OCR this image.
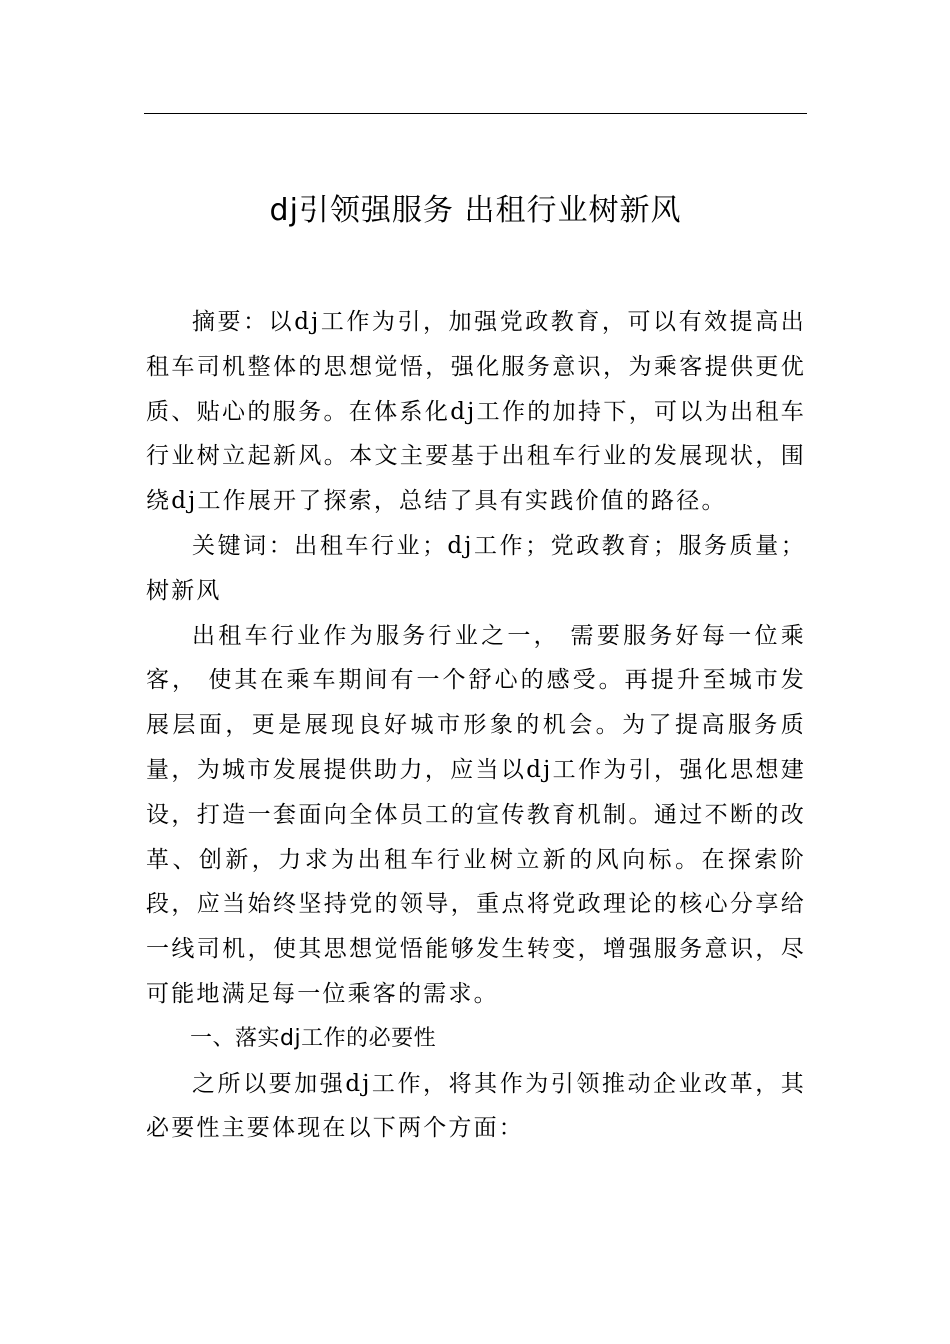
dj引领强服务 出租行业树新风

摘要：以dj工作为引，加强党政教育，可以有效提高出租车司机整体的思想觉悟，强化服务意识，为乘客提供更优质、贴心的服务。在体系化dj工作的加持下，可以为出租车行业树立起新风。本文主要基于出租车行业的发展现状，围绕dj工作展开了探索，总结了具有实践价值的路径。

关键词：出租车行业；dj工作；党政教育；服务质量；树新风

出租车行业作为服务行业之一， 需要服务好每一位乘客， 使其在乘车期间有一个舒心的感受。再提升至城市发展层面，更是展现良好城市形象的机会。为了提高服务质量，为城市发展提供助力，应当以dj工作为引，强化思想建设，打造一套面向全体员工的宣传教育机制。通过不断的改革、创新，力求为出租车行业树立新的风向标。在探索阶段，应当始终坚持党的领导，重点将党政理论的核心分享给一线司机，使其思想觉悟能够发生转变，增强服务意识，尽可能地满足每一位乘客的需求。

一、落实dj工作的必要性

之所以要加强dj工作，将其作为引领推动企业改革，其必要性主要体现在以下两个方面：
